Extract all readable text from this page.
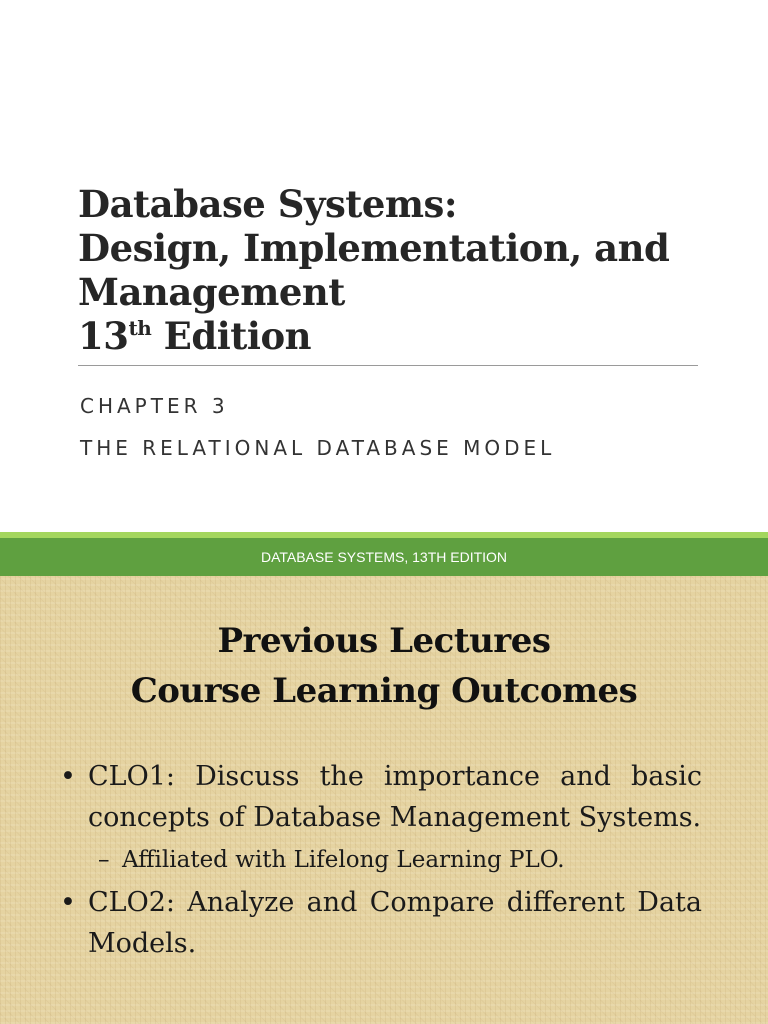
Database Systems:
Design, Implementation, and
Management
13th Edition
CHAPTER 3
THE RELATIONAL DATABASE MODEL
DATABASE SYSTEMS, 13TH EDITION
Previous Lectures
Course Learning Outcomes
• CLO1: Discuss the importance and basic concepts of Database Management Systems.
– Affiliated with Lifelong Learning PLO.
• CLO2: Analyze and Compare different Data Models.
